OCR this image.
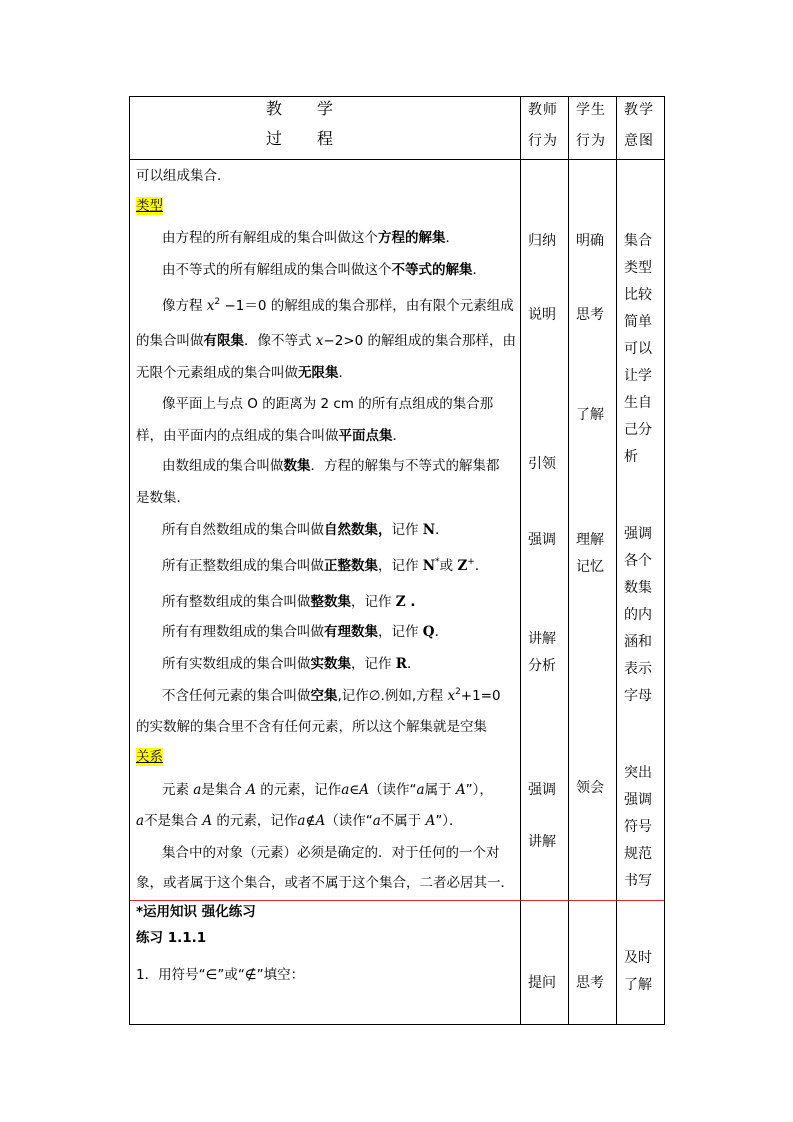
教　　学
过　　程
教师行为
学生行为
教学意图
可以组成集合．
类型
由方程的所有解组成的集合叫做这个方程的解集．
由不等式的所有解组成的集合叫做这个不等式的解集．
像方程 $x^2 -1=0$ 的解组成的集合那样，由有限个元素组成
的集合叫做有限集．像不等式 x−2>0 的解组成的集合那样，由
无限个元素组成的集合叫做无限集．
像平面上与点 O 的距离为 2 cm 的所有点组成的集合那
样，由平面内的点组成的集合叫做平面点集．
由数组成的集合叫做数集．方程的解集与不等式的解集都
是数集．
所有自然数组成的集合叫做自然数集，记作 N．
所有正整数组成的集合叫做正整数集，记作 N*或 Z+．
所有整数组成的集合叫做整数集，记作 Z .
所有有理数组成的集合叫做有理数集，记作 Q．
所有实数组成的集合叫做实数集，记作 R．
不含任何元素的集合叫做空集,记作∅.例如,方程 $x^2+1=0$
的实数解的集合里不含有任何元素，所以这个解集就是空集
关系
元素 a是集合 A 的元素，记作a∈A（读作“a属于 A”），
a不是集合 A 的元素，记作a∉A（读作“a不属于 A”）．
集合中的对象（元素）必须是确定的．对于任何的一个对
象，或者属于这个集合，或者不属于这个集合，二者必居其一．
*运用知识 强化练习
练习 1.1.1
1．用符号“∈”或“∉”填空：
归纳
说明
引领
强调
讲解分析
强调
讲解
提问
明确
思考
了解
理解记忆
领会
思考
集合类型比较简单可以让学生自己分析
强调各个数集的内涵和表示字母
突出强调符号规范书写
及时了解
